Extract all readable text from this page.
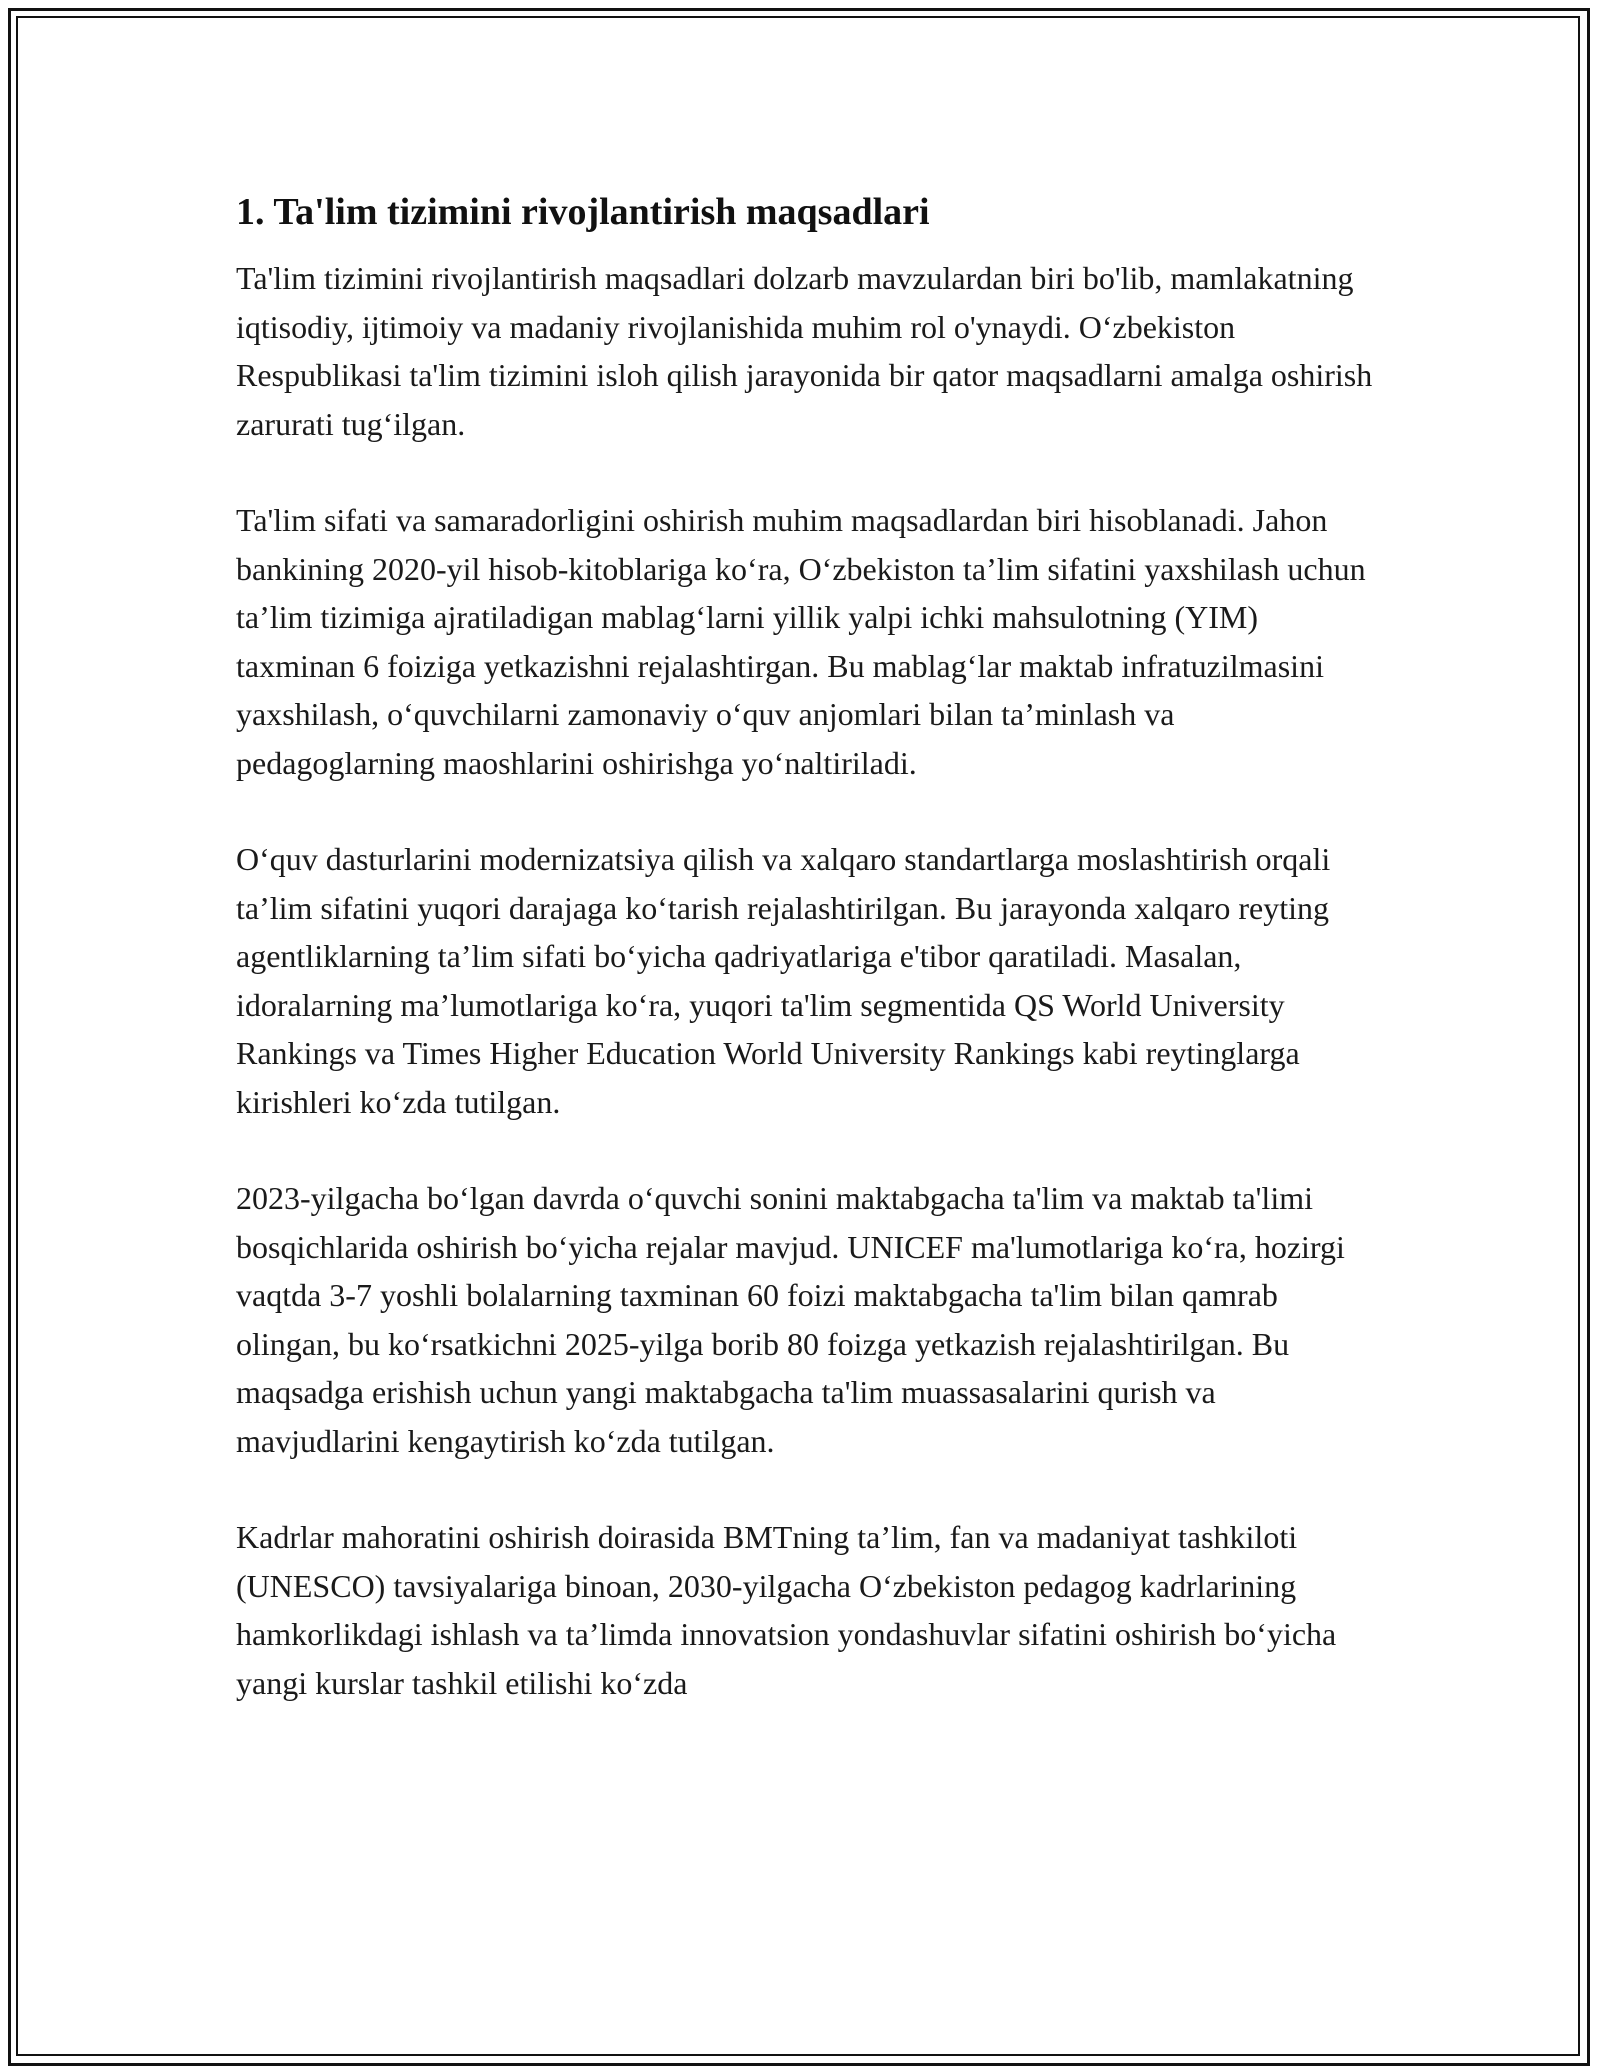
1. Ta'lim tizimini rivojlantirish maqsadlari

Ta'lim tizimini rivojlantirish maqsadlari dolzarb mavzulardan biri bo'lib, mamlakatning iqtisodiy, ijtimoiy va madaniy rivojlanishida muhim rol o'ynaydi. O‘zbekiston Respublikasi ta'lim tizimini isloh qilish jarayonida bir qator maqsadlarni amalga oshirish zarurati tug‘ilgan.

Ta'lim sifati va samaradorligini oshirish muhim maqsadlardan biri hisoblanadi. Jahon bankining 2020-yil hisob-kitoblariga ko‘ra, O‘zbekiston ta’lim sifatini yaxshilash uchun ta’lim tizimiga ajratiladigan mablag‘larni yillik yalpi ichki mahsulotning (YIM) taxminan 6 foiziga yetkazishni rejalashtirgan. Bu mablag‘lar maktab infratuzilmasini yaxshilash, o‘quvchilarni zamonaviy o‘quv anjomlari bilan ta’minlash va pedagoglarning maoshlarini oshirishga yo‘naltiriladi.

O‘quv dasturlarini modernizatsiya qilish va xalqaro standartlarga moslashtirish orqali ta’lim sifatini yuqori darajaga ko‘tarish rejalashtirilgan. Bu jarayonda xalqaro reyting agentliklarning ta’lim sifati bo‘yicha qadriyatlariga e'tibor qaratiladi. Masalan, idoralarning ma’lumotlariga ko‘ra, yuqori ta'lim segmentida QS World University Rankings va Times Higher Education World University Rankings kabi reytinglarga kirishleri ko‘zda tutilgan.

2023-yilgacha bo‘lgan davrda o‘quvchi sonini maktabgacha ta'lim va maktab ta'limi bosqichlarida oshirish bo‘yicha rejalar mavjud. UNICEF ma'lumotlariga ko‘ra, hozirgi vaqtda 3-7 yoshli bolalarning taxminan 60 foizi maktabgacha ta'lim bilan qamrab olingan, bu ko‘rsatkichni 2025-yilga borib 80 foizga yetkazish rejalashtirilgan. Bu maqsadga erishish uchun yangi maktabgacha ta'lim muassasalarini qurish va mavjudlarini kengaytirish ko‘zda tutilgan.

Kadrlar mahoratini oshirish doirasida BMTning ta’lim, fan va madaniyat tashkiloti (UNESCO) tavsiyalariga binoan, 2030-yilgacha O‘zbekiston pedagog kadrlarining hamkorlikdagi ishlash va ta’limda innovatsion yondashuvlar sifatini oshirish bo‘yicha yangi kurslar tashkil etilishi ko‘zda
